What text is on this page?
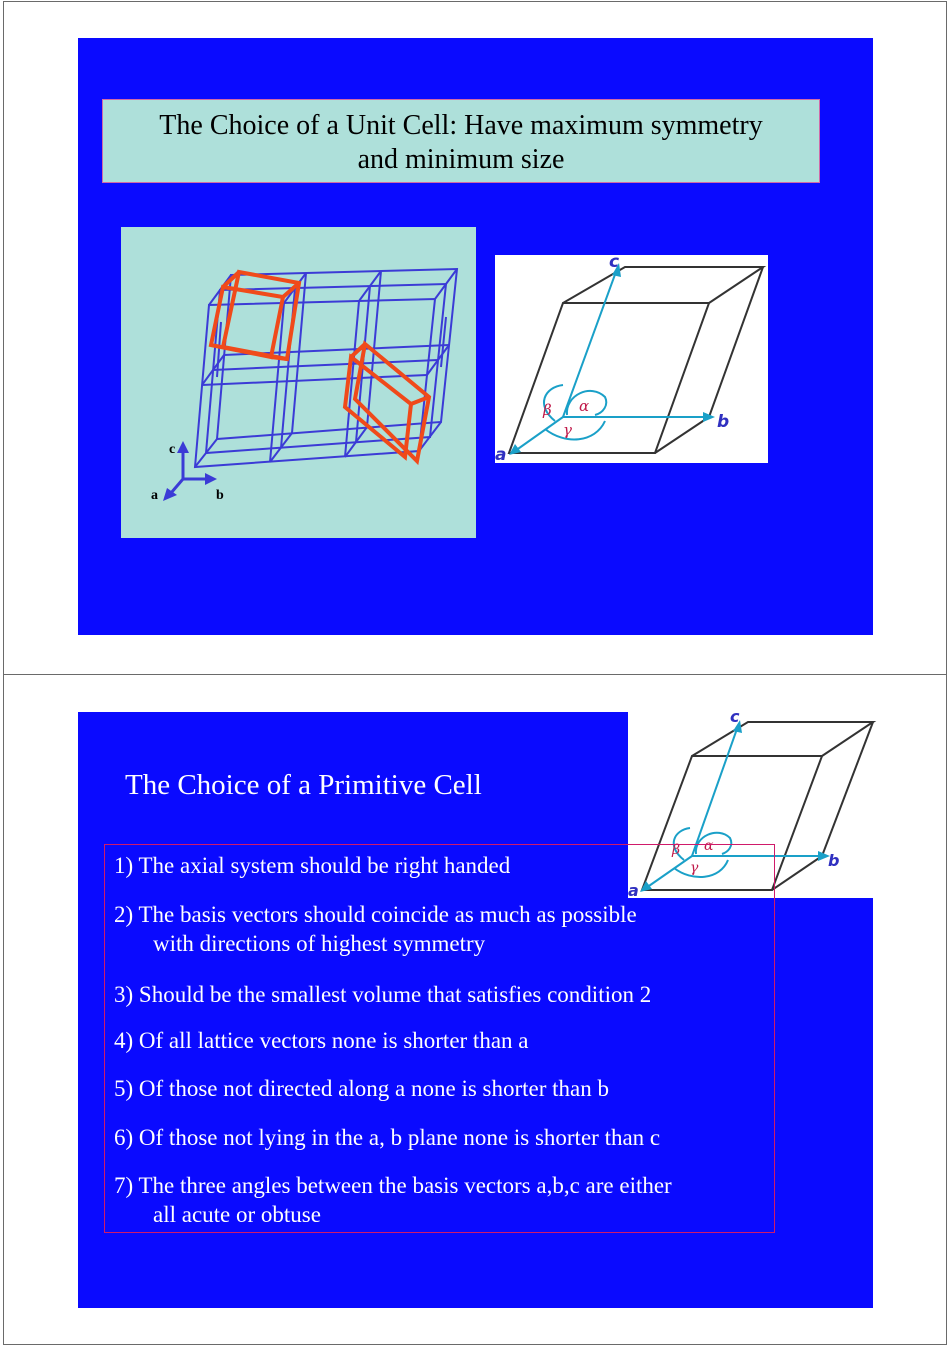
The Choice of a Unit Cell: Have maximum symmetry
and minimum size
c
a	b
c
b
a
α
β
γ
c
b
a
α
β
γ
The Choice of a Primitive Cell
1) The axial system should be right handed
2) The basis vectors should coincide as much as possible
with directions of highest symmetry
3) Should be the smallest volume that satisfies condition 2
4) Of all lattice vectors none is shorter than a
5) Of those not directed along a none is shorter than b
6) Of those not lying in the a, b plane none is shorter than c
7) The three angles between the basis vectors a,b,c are either
all acute or obtuse
